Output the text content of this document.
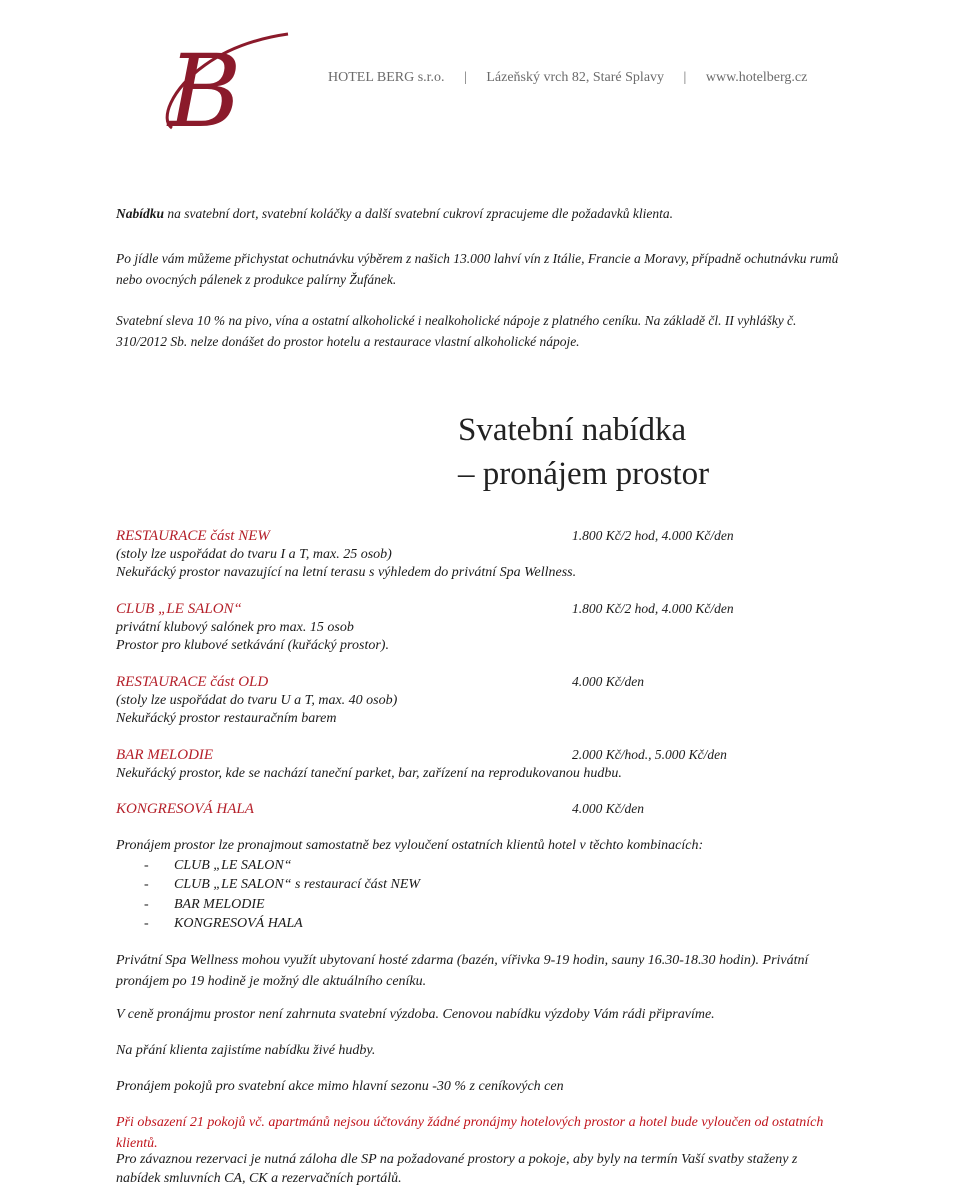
B	HOTEL BERG s.r.o. | Lázeňský vrch 82, Staré Splavy | www.hotelberg.cz

Nabídku na svatební dort, svatební koláčky a další svatební cukroví zpracujeme dle požadavků klienta.

Po jídle vám můžeme přichystat ochutnávku výběrem z našich 13.000 lahví vín z Itálie, Francie a Moravy, případně ochutnávku rumů nebo ovocných pálenek z produkce palírny Žufánek.

Svatební sleva 10 % na pivo, vína a ostatní alkoholické i nealkoholické nápoje z platného ceníku. Na základě čl. II vyhlášky č. 310/2012 Sb. nelze donášet do prostor hotelu a restaurace vlastní alkoholické nápoje.

Svatební nabídka
– pronájem prostor
RESTAURACE část NEW	1.800 Kč/2 hod, 4.000 Kč/den
(stoly lze uspořádat do tvaru I a T, max. 25 osob)
Nekuřácký prostor navazující na letní terasu s výhledem do privátní Spa Wellness.
CLUB „LE SALON“	1.800 Kč/2 hod, 4.000 Kč/den
privátní klubový salónek pro max. 15 osob
Prostor pro klubové setkávání (kuřácký prostor).
RESTAURACE část OLD	4.000 Kč/den
(stoly lze uspořádat do tvaru U a T, max. 40 osob)
Nekuřácký prostor restauračním barem
BAR MELODIE	2.000 Kč/hod., 5.000 Kč/den
Nekuřácký prostor, kde se nachází taneční parket, bar, zařízení na reprodukovanou hudbu.
KONGRESOVÁ HALA	4.000 Kč/den

Pronájem prostor lze pronajmout samostatně bez vyloučení ostatních klientů hotel v těchto kombinacích:

-	CLUB „LE SALON“
-	CLUB „LE SALON“ s restaurací část NEW
-	BAR MELODIE
-	KONGRESOVÁ HALA

Privátní Spa Wellness mohou využít ubytovaní hosté zdarma (bazén, vířivka 9-19 hodin, sauny 16.30-18.30 hodin). Privátní pronájem po 19 hodině je možný dle aktuálního ceníku.

V ceně pronájmu prostor není zahrnuta svatební výzdoba. Cenovou nabídku výzdoby Vám rádi připravíme.

Na přání klienta zajistíme nabídku živé hudby.

Pronájem pokojů pro svatební akce mimo hlavní sezonu -30 % z ceníkových cen

Při obsazení 21 pokojů vč. apartmánů nejsou účtovány žádné pronájmy hotelových prostor a hotel bude vyloučen od ostatních klientů.

Pro závaznou rezervaci je nutná záloha dle SP na požadované prostory a pokoje, aby byly na termín Vaší svatby staženy z nabídek smluvních CA, CK a rezervačních portálů.
